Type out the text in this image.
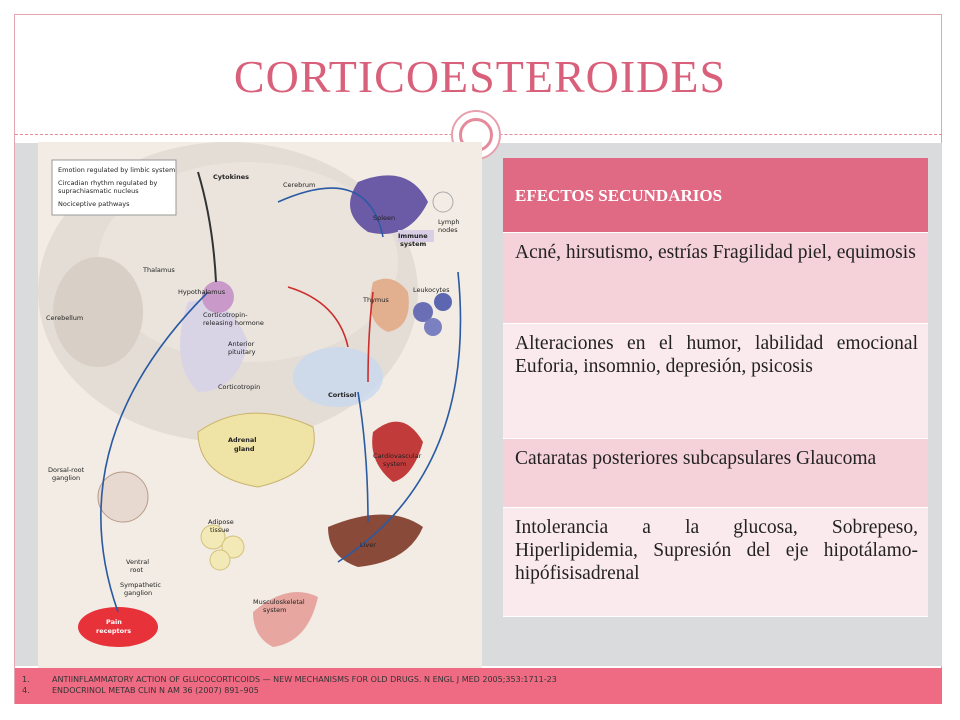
CORTICOESTEROIDES
Emotion regulated by limbic system
Circadian rhythm regulated by
suprachiasmatic nucleus
Nociceptive pathways
Cytokines
Cerebrum
Spleen	Lymph
nodes
Immune
system
Thalamus
Hypothalamus
Thymus
Leukocytes
Cerebellum	Corticotropin-
releasing hormone
Anterior
pituitary
Corticotropin
Cortisol
Adrenal
gland
Cardiovascular
system
Dorsal-root
ganglion
Adipose
tissue
Liver
Ventral
root
Sympathetic
ganglion
Musculoskeletal
system
Pain
receptors
EFECTOS SECUNDARIOS
Acné, hirsutismo, estrías Fragilidad piel, equimosis
Alteraciones en el humor, labilidad emocional Euforia, insomnio, depresión, psicosis
Cataratas posteriores subcapsulares Glaucoma
Intolerancia a la glucosa, Sobrepeso, Hiperlipidemia, Supresión del eje hipotálamo-hipófisisadrenal
1.	ANTIINFLAMMATORY ACTION OF GLUCOCORTICOIDS — NEW MECHANISMS FOR OLD DRUGS. N ENGL J MED 2005;353:1711-23
4.	ENDOCRINOL METAB CLIN N AM 36 (2007) 891–905
